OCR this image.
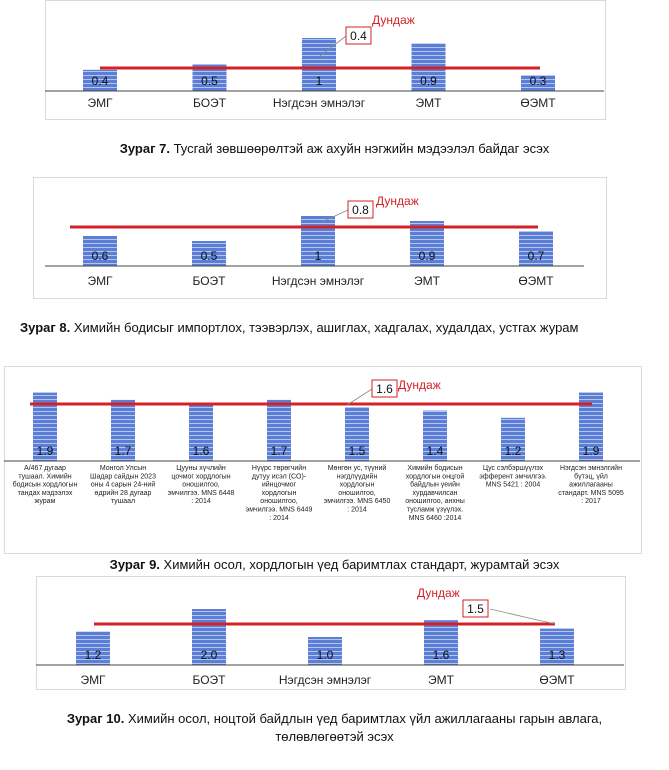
0.4
ЭМГ
0.5
БОЭТ
1
Нэгдсэн эмнэлэг
0.9
ЭМТ
0.3
ӨЭМТ
0.4
Дундаж
Зураг 7. Тусгай зөвшөөрөлтэй аж ахуйн нэгжийн мэдээлэл байдаг эсэх
0.6
ЭМГ
0.5
БОЭТ
1
Нэгдсэн эмнэлэг
0.9
ЭМТ
0.7
ӨЭМТ
0.8
Дундаж
Зураг 8. Химийн бодисыг импортлох, тээвэрлэх, ашиглах, хадгалах, худалдах, устгах журам
1.9
А/467 дугаар тушаал. Химийн бодисын хордлогын тандах мэдээлэх журам
1.7
Монгол Улсын Шадар сайдын 2023 оны 4 сарын 24-ний өдрийн 28 дугаар тушаал
1.6
Цууны хүчлийн цочмог хордлогын оношилгоо, эмчилгээ. MNS 6448 : 2014
1.7
Нүүрс төрөгчийн дутуу исэл (CO)-ийнцочмог хордлогын оношилгоо, эмчилгээ. MNS 6449 : 2014
1.5
Мөнгөн ус, түүний нэгдлүүдийн хордлогын оношилгоо, эмчилгээ. MNS 6450 : 2014
1.4
Химийн бодисын хордлогын онцгой байдлын үеийн хурдавчилсан оношилгоо, анхны тусламж үзүүлэх. MNS 6460 :2014
1.2
Цус сэлбэршүүлэх эфферент эмчилгээ. MNS 5421 : 2004
1.9
Нэгдсэн эмнэлгийн бүтэц, үйл ажиллагааны стандарт. MNS 5095 : 2017
1.6 Дундаж
Зураг 9. Химийн осол, хордлогын үед баримтлах стандарт, журамтай эсэх
1.2
ЭМГ
2.0
БОЭТ
1.0
Нэгдсэн эмнэлэг
1.6
ЭМТ
1.3
ӨЭМТ
1.5
Дундаж
Зураг 10. Химийн осол, ноцтой байдлын үед баримтлах үйл ажиллагааны гарын авлага,
төлөвлөгөөтэй эсэх
